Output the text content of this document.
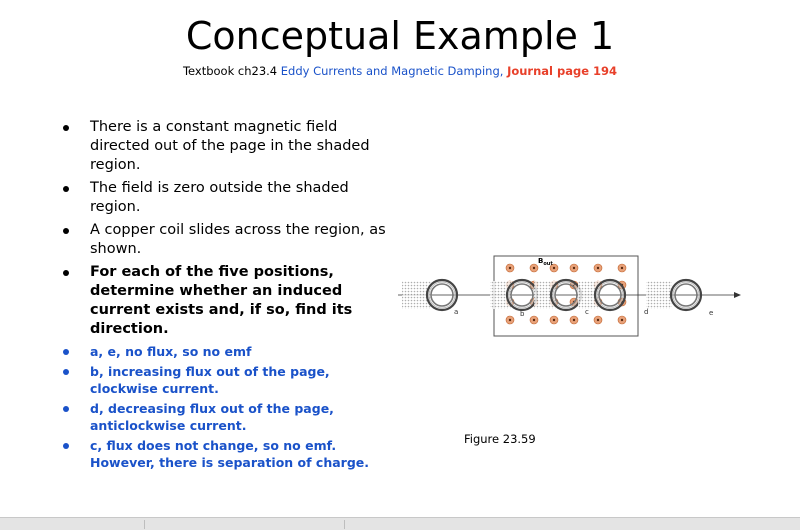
Conceptual Example 1
Textbook ch23.4 Eddy Currents and Magnetic Damping, Journal page 194
There is a constant magnetic field directed out of the page in the shaded region.
The field is zero outside the shaded region.
A copper coil slides across the region, as shown.
For each of the five positions, determine whether an induced current exists and, if so, find its direction.
a, e, no flux, so no emf
b, increasing flux out of the page, clockwise current.
d, decreasing flux out of the page, anticlockwise current.
c, flux does not change, so no emf. However, there is separation of charge.
$B_{out}$
a	b	c	d	e
Figure 23.59
